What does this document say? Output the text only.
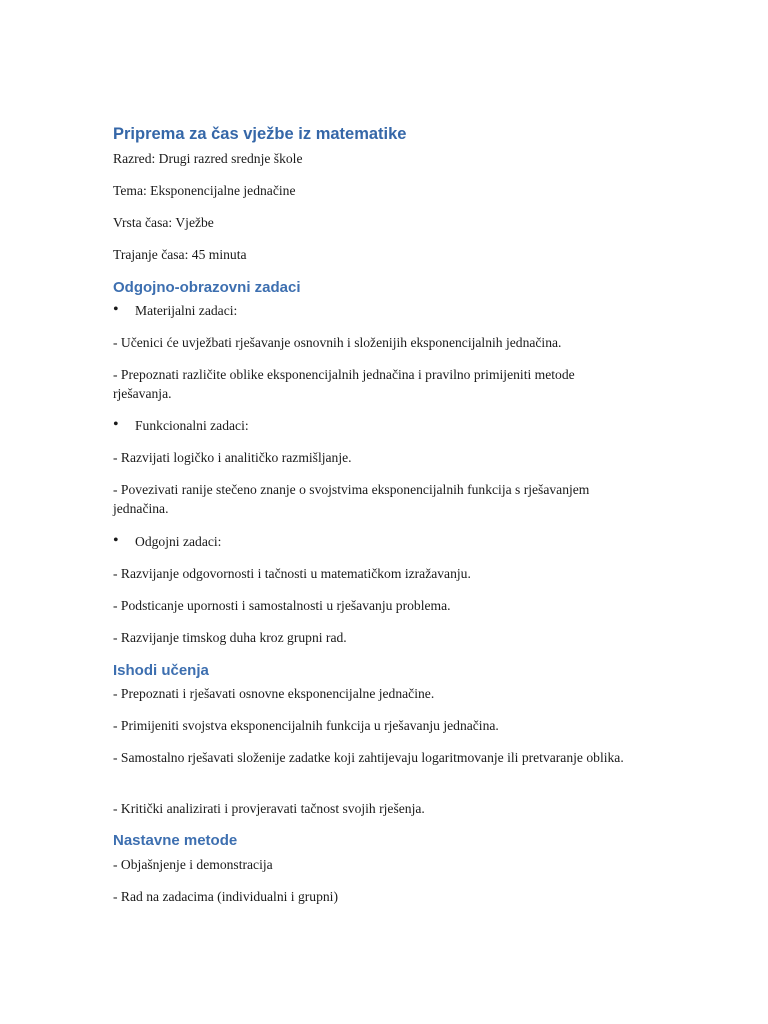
Priprema za čas vježbe iz matematike
Razred: Drugi razred srednje škole
Tema: Eksponencijalne jednačine
Vrsta časa: Vježbe
Trajanje časa: 45 minuta
Odgojno-obrazovni zadaci
• Materijalni zadaci:
- Učenici će uvježbati rješavanje osnovnih i složenijih eksponencijalnih jednačina.
- Prepoznati različite oblike eksponencijalnih jednačina i pravilno primijeniti metode rješavanja.
• Funkcionalni zadaci:
- Razvijati logičko i analitičko razmišljanje.
- Povezivati ranije stečeno znanje o svojstvima eksponencijalnih funkcija s rješavanjem jednačina.
• Odgojni zadaci:
- Razvijanje odgovornosti i tačnosti u matematičkom izražavanju.
- Podsticanje upornosti i samostalnosti u rješavanju problema.
- Razvijanje timskog duha kroz grupni rad.
Ishodi učenja
- Prepoznati i rješavati osnovne eksponencijalne jednačine.
- Primijeniti svojstva eksponencijalnih funkcija u rješavanju jednačina.
- Samostalno rješavati složenije zadatke koji zahtijevaju logaritmovanje ili pretvaranje oblika.
- Kritički analizirati i provjeravati tačnost svojih rješenja.
Nastavne metode
- Objašnjenje i demonstracija
- Rad na zadacima (individualni i grupni)
